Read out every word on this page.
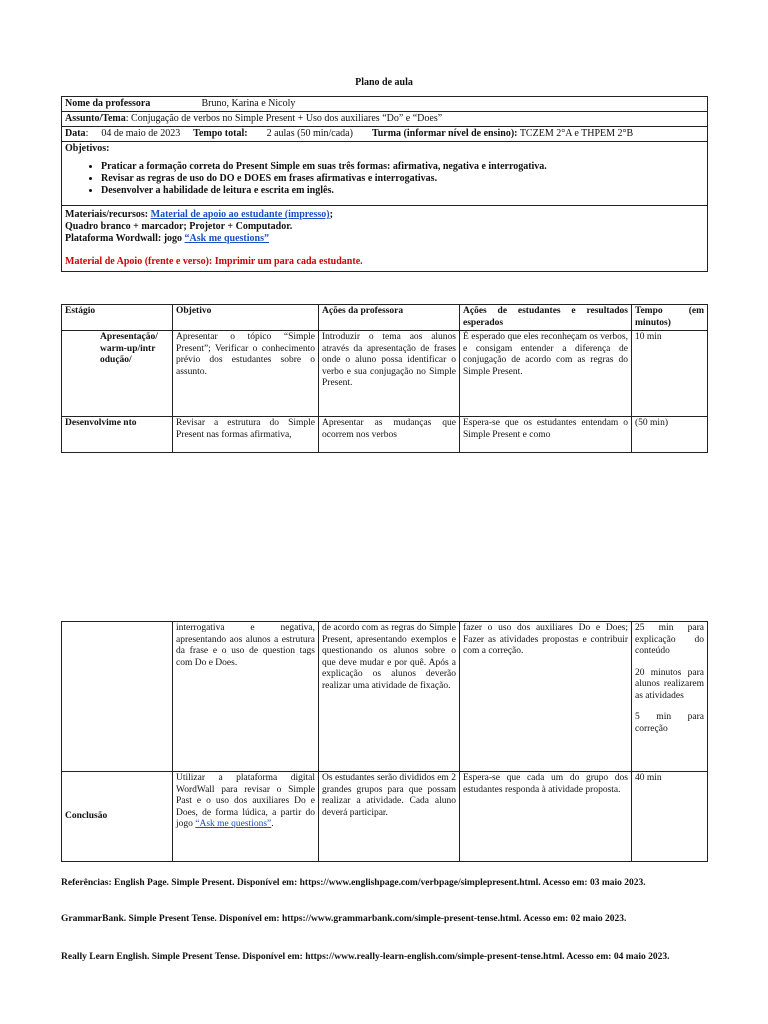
Plano de aula
Nome da professora	Bruno, Karina e Nicoly
Assunto/Tema: Conjugação de verbos no Simple Present + Uso dos auxiliares “Do” e “Does”
Data:  04 de maio de 2023 Tempo total: 2 aulas (50 min/cada) Turma (informar nível de ensino): TCZEM 2°A e THPEM 2°B
Objetivos:
• Praticar a formação correta do Present Simple em suas três formas: afirmativa, negativa e interrogativa.
• Revisar as regras de uso do DO e DOES em frases afirmativas e interrogativas.
• Desenvolver a habilidade de leitura e escrita em inglês.
Materiais/recursos: Material de apoio ao estudante (impresso);
Quadro branco + marcador; Projetor + Computador.
Plataforma Wordwall: jogo “Ask me questions”
Material de Apoio (frente e verso): Imprimir um para cada estudante.
Estágio	Objetivo	Ações da professora	Ações de estudantes e resultados esperados	Tempo (em minutos)
Apresentação/ warm-up/intr odução/	Apresentar o tópico “Simple Present”; Verificar o conhecimento prévio dos estudantes sobre o assunto.	Introduzir o tema aos alunos através da apresentação de frases onde o aluno possa identificar o verbo e sua conjugação no Simple Present.	É esperado que eles reconheçam os verbos, e consigam entender a diferença de conjugação de acordo com as regras do Simple Present.	10 min
Desenvolvime nto	Revisar a estrutura do Simple Present nas formas afirmativa,	Apresentar as mudanças que ocorrem nos verbos	Espera-se que os estudantes entendam o Simple Present e como	(50 min)
	interrogativa e negativa, apresentando aos alunos a estrutura da frase e o uso de question tags com Do e Does.	de acordo com as regras do Simple Present, apresentando exemplos e questionando os alunos sobre o que deve mudar e por quê. Após a explicação os alunos deverão realizar uma atividade de fixação.	fazer o uso dos auxiliares Do e Does; Fazer as atividades propostas e contribuir com a correção.	25 min para explicação do conteúdo
20 minutos para alunos realizarem as atividades
5 min para correção

Conclusão	Utilizar a plataforma digital WordWall para revisar o Simple Past e o uso dos auxiliares Do e Does, de forma lúdica, a partir do jogo “Ask me questions”.	Os estudantes serão divididos em 2 grandes grupos para que possam realizar a atividade. Cada aluno deverá participar.	Espera-se que cada um do grupo dos estudantes responda à atividade proposta.	40 min
Referências: English Page. Simple Present. Disponível em: https://www.englishpage.com/verbpage/simplepresent.html. Acesso em: 03 maio 2023.
GrammarBank. Simple Present Tense. Disponível em: https://www.grammarbank.com/simple-present-tense.html. Acesso em: 02 maio 2023.
Really Learn English. Simple Present Tense. Disponível em: https://www.really-learn-english.com/simple-present-tense.html. Acesso em: 04 maio 2023.
